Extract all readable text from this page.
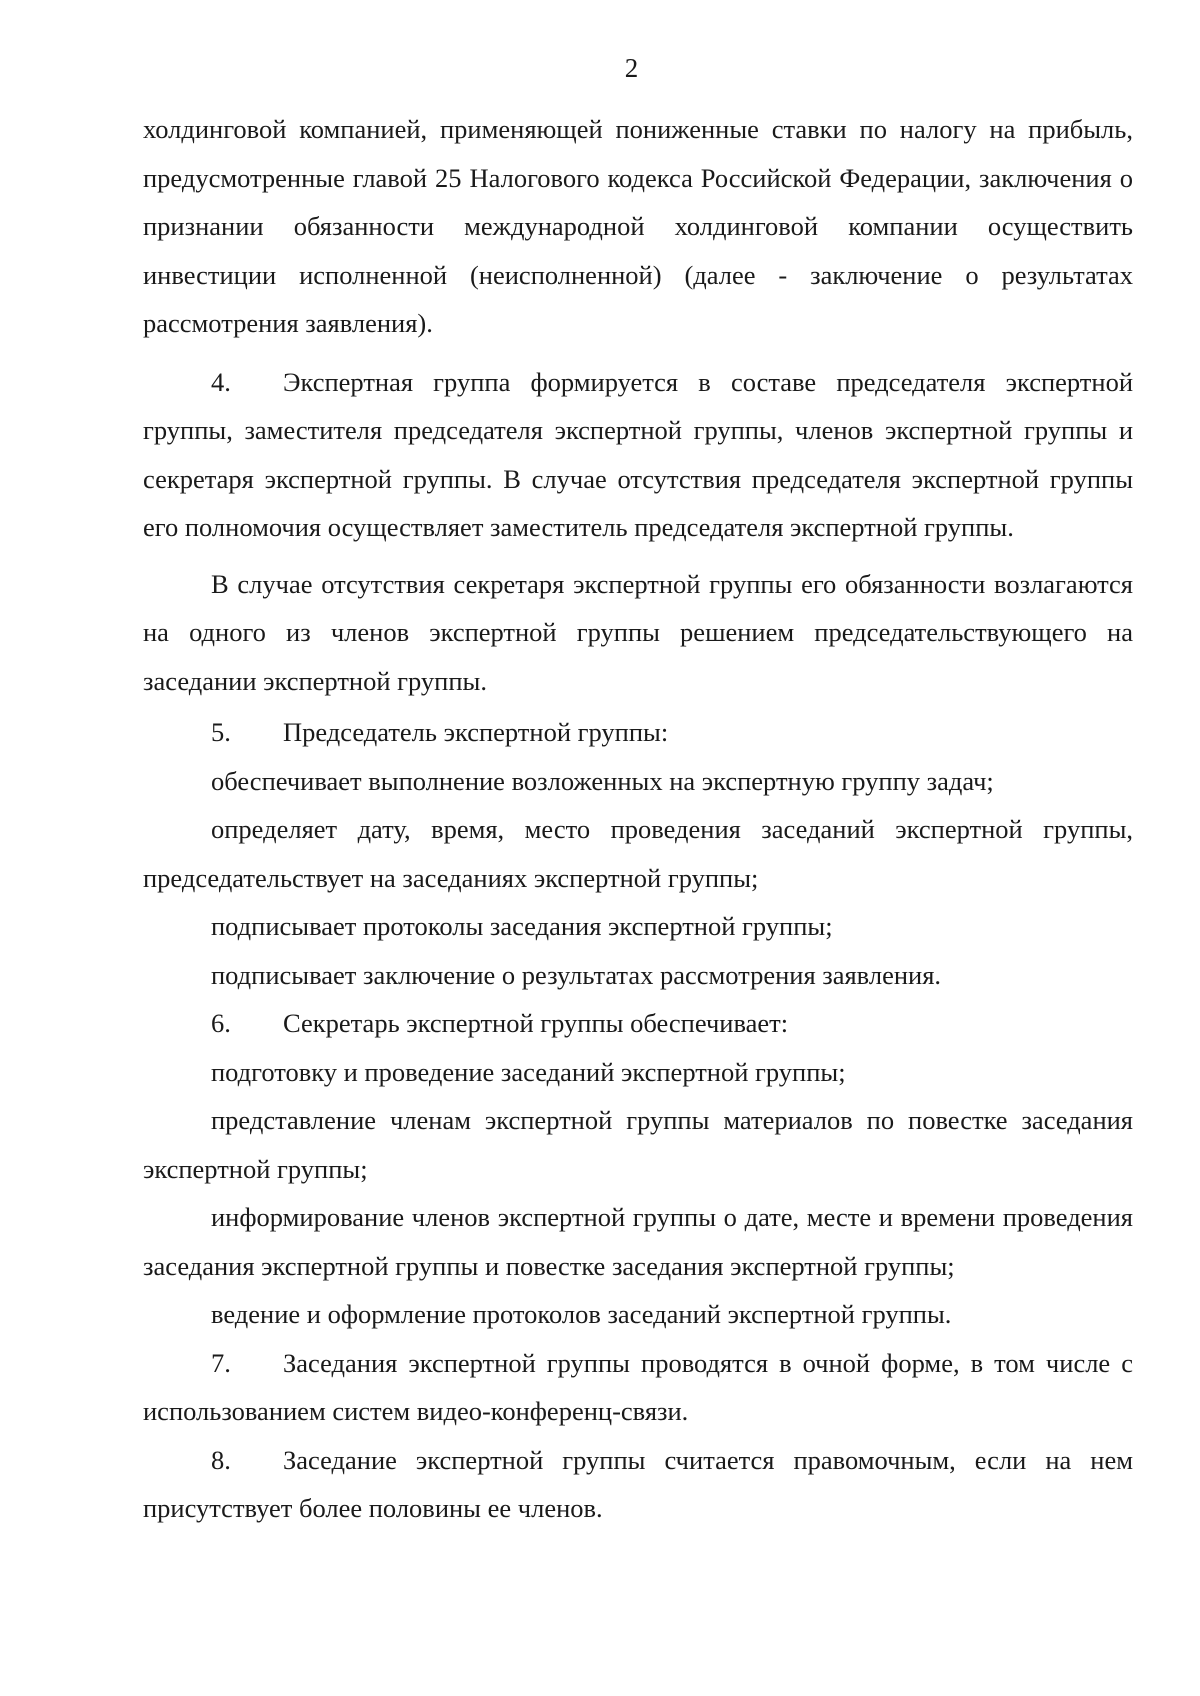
2

холдинговой компанией, применяющей пониженные ставки по налогу на прибыль, предусмотренные главой 25 Налогового кодекса Российской Федерации, заключения о признании обязанности международной холдинговой компании осуществить инвестиции исполненной (неисполненной) (далее - заключение о результатах рассмотрения заявления).

4. Экспертная группа формируется в составе председателя экспертной группы, заместителя председателя экспертной группы, членов экспертной группы и секретаря экспертной группы. В случае отсутствия председателя экспертной группы его полномочия осуществляет заместитель председателя экспертной группы.

В случае отсутствия секретаря экспертной группы его обязанности возлагаются на одного из членов экспертной группы решением председательствующего на заседании экспертной группы.

5. Председатель экспертной группы:

обеспечивает выполнение возложенных на экспертную группу задач;

определяет дату, время, место проведения заседаний экспертной группы, председательствует на заседаниях экспертной группы;

подписывает протоколы заседания экспертной группы;

подписывает заключение о результатах рассмотрения заявления.

6. Секретарь экспертной группы обеспечивает:

подготовку и проведение заседаний экспертной группы;

представление членам экспертной группы материалов по повестке заседания экспертной группы;

информирование членов экспертной группы о дате, месте и времени проведения заседания экспертной группы и повестке заседания экспертной группы;

ведение и оформление протоколов заседаний экспертной группы.

7. Заседания экспертной группы проводятся в очной форме, в том числе с использованием систем видео-конференц-связи.

8. Заседание экспертной группы считается правомочным, если на нем присутствует более половины ее членов.
